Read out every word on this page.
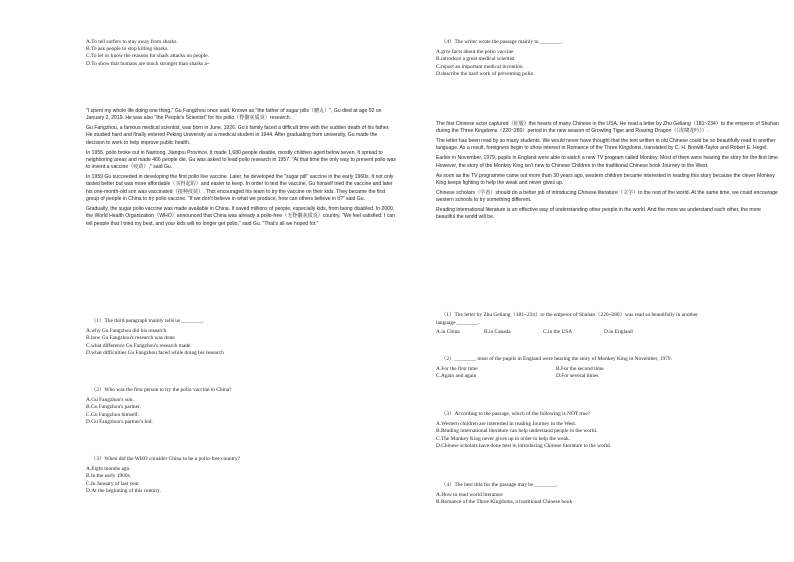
A.To tell surfers to stay away from sharks.

B.To ask people to stop killing sharks.

C.To let us know the reasons for shark attacks on people.

D.To show that humans are much stronger than sharks a~

"I spent my whole life doing one thing," Gu Fangzhou once said. Known as "the father of sugar pills（糖丸）", Gu died at age 92 on January 2, 2019. He was also "the People's Scientist" for his polio（脊髓灰质炎）research.

Gu Fangzhou, a famous medical scientist, was born in June, 1926. Gu's family faced a difficult time with the sudden death of his father. He studied hard and finally entered Peking University as a medical student in 1944. After graduating from university, Gu made the decision to work to help improve public health.

In 1955, polio broke out in Nantong, Jiangsu Province. It made 1,680 people disable, mostly children aged below seven. It spread to neighboring areas and made 466 people die. Gu was asked to lead polio research in 1957. "At that time the only way to prevent polio was to invent a vaccine（疫苗）," said Gu.

In 1959 Gu succeeded in developing the first polio live vaccine. Later, he developed the "sugar pill" vaccine in the early 1960s. It not only tasted better but was more affordable（买得起的）and easier to keep. In order to test the vaccine, Gu himself tried the vaccine and later his one-month-old son was vaccinated（接种疫苗）. This encouraged his team to try the vaccine on their kids. They became the first group of people in China to try polio vaccine. "If we don't believe in what we produce, how can others believe in it?" said Gu.

Gradually, the sugar polio vaccine was made available in China. It saved millions of people, especially kids, from being disabled. In 2000, the World Health Organization（WHO）announced that China was already a polio-free（无脊髓灰质炎）country. "We feel satisfied. I can tell people that I tried my best, and your kids will no longer get polio," said Gu. "That's all we hoped for."

（1）The third paragraph mainly tells us ________.

A.why Gu Fangzhou did his research

B.how Gu Fangzhou's research was done

C.what difference Gu Fangzhou's research made

D.what difficulties Gu Fangzhou faced while doing his research

（2）Who was the first person to try the polio vaccine in China?

A.Gu Fangzhou's son.

B.Gu Fangzhou's partner.

C.Gu Fangzhou himself.

D.Gu Fangzhou's partner's kid.

（3）When did the WHO consider China to be a polio-free country?

A.Eight months ago.

B.In the early 1960s.

C.In January of last year.

D.At the beginning of this century.

（4）The writer wrote the passage mainly to ________.

A.give facts about the polio vaccine

B.introduce a great medical scientist

C.report an important medical invention

D.describe the hard work of preventing polio

The first Chinese actor captured（征服）the hearts of many Chinese in the USA. He read a letter by Zhu Geliang（181~234）to the emperor of Shuhan during the Three Kingdoms（220~280）period in the new season of Growling Tiger and Roaring Dragon（《虎啸龙吟》）.

The letter has been read by so many students. We would never have thought that the text written in old Chinese could be so beautifully read in another language. As a result, foreigners begin to show interest in Romance of the Three Kingdoms, translated by C. H. Brewitt-Taylor and Robert E. Hegel.

Earlier in November, 1979, pupils in England were able to watch a new TV program called Monkey. Most of them were hearing the story for the first time. However, the story of the Monkey King isn't new to Chinese Children in the traditional Chinese book Journey to the West.

As soon as the TV programme came out more than 30 years ago, western children became interested in reading this story because the clever Monkey King keeps fighting to help the weak and never gives up.

Chinese scholars（学者）should do a better job of introducing Chinese literature（文学）to the rest of the world. At the same time, we could encourage western schools to try something different.

Reading international literature is an effective way of understanding other people in the world. And the more we understand each other, the more beautiful the world will be.

（1）The letter by Zhu Geliang（181~234）to the emperor of Shuhan（220~280）was read so beautifully in another

language ________.

A.in China	B.in Canada	C.in the USA	D.in England

（2）________ most of the pupils in England were hearing the story of Monkey King in November, 1979.

A.For the first time	B.For the second time
C.Again and again	D.For several times

（3）According to the passage, which of the following is NOT true?

A.Western children are interested in reading Journey to the West.

B.Reading international literature can help understand people in the world.

C.The Monkey King never gives up in order to help the weak.

D.Chinese scholars have done best in introducing Chinese literature to the world.

（4）The best title for the passage may be ________.

A.How to read world literature

B.Romance of the Three Kingdoms, a traditional Chinese book
